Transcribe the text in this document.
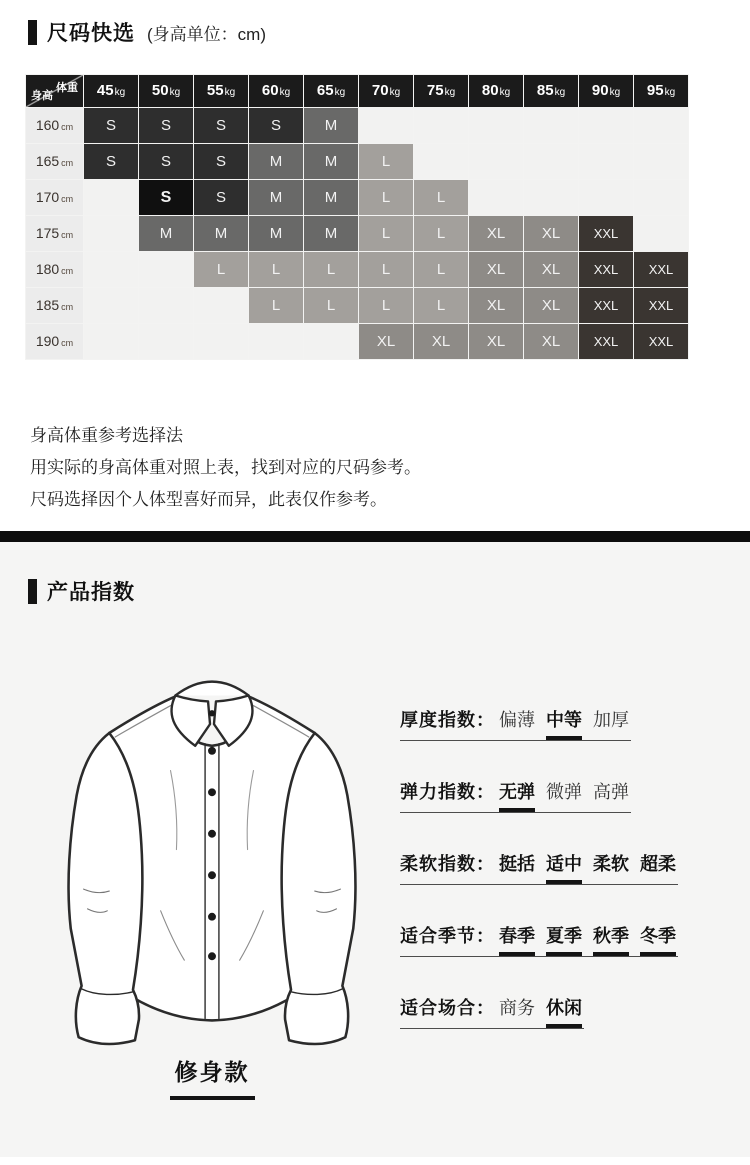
尺码快选 (身高单位：cm)
体重
身高	45kg	50kg	55kg	60kg	65kg	70kg	75kg	80kg	85kg	90kg	95kg
160 cm	S	S	S	S	M						
165 cm	S	S	S	M	M	L					
170 cm		S	S	M	M	L	L				
175 cm		M	M	M	M	L	L	XL	XL	XXL	
180 cm			L	L	L	L	L	XL	XL	XXL	XXL
185 cm				L	L	L	L	XL	XL	XXL	XXL
190 cm						XL	XL	XL	XL	XXL	XXL
身高体重参考选择法
用实际的身高体重对照上表，找到对应的尺码参考。
尺码选择因个人体型喜好而异，此表仅作参考。
产品指数
修身款
厚度指数： 偏薄 中等 加厚
弹力指数： 无弹 微弹 高弹
柔软指数： 挺括 适中 柔软 超柔
适合季节： 春季 夏季 秋季 冬季
适合场合： 商务 休闲
